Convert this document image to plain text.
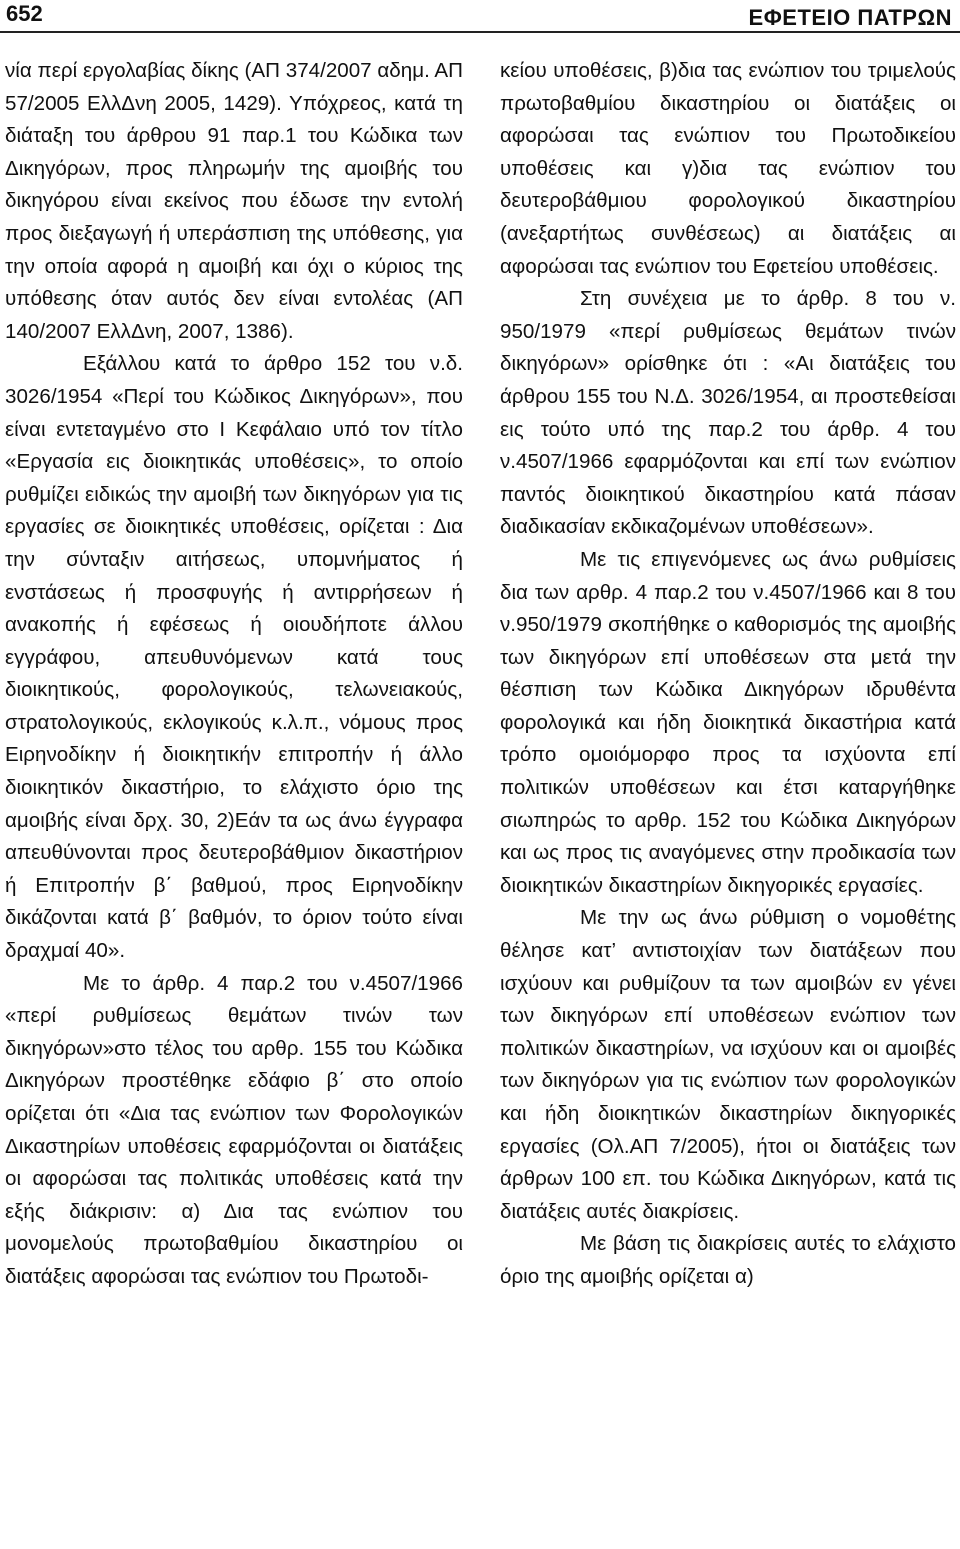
652	ΕΦΕΤΕΙΟ ΠΑΤΡΩΝ

νία περί εργολαβίας δίκης (ΑΠ 374/2007 αδημ. ΑΠ 57/2005 ΕλλΔνη 2005, 1429). Υπόχρεος, κατά τη διάταξη του άρθρου 91 παρ.1 του Κώδικα των Δικηγόρων, προς πληρωμήν της αμοιβής του δικηγόρου είναι εκείνος που έδωσε την εντολή προς διεξαγωγή ή υπεράσπιση της υπόθεσης, για την οποία αφορά η αμοιβή και όχι ο κύριος της υπόθεσης όταν αυτός δεν είναι εντολέας (ΑΠ 140/2007 ΕλλΔνη, 2007, 1386).

Εξάλλου κατά το άρθρο 152 του ν.δ. 3026/1954 «Περί του Κώδικος Δικηγόρων», που είναι εντεταγμένο στο Ι Κεφάλαιο υπό τον τίτλο «Εργασία εις διοικητικάς υποθέσεις», το οποίο ρυθμίζει ειδικώς την αμοιβή των δικηγόρων για τις εργασίες σε διοικητικές υποθέσεις, ορίζεται : Δια την σύνταξιν αιτήσεως, υπομνήματος ή ενστάσεως ή προσφυγής ή αντιρρήσεων ή ανακοπής ή εφέσεως ή οιουδήποτε άλλου εγγράφου, απευθυνόμενων κατά τους διοικητικούς, φορολογικούς, τελωνειακούς, στρατολογικούς, εκλογικούς κ.λ.π., νόμους προς Ειρηνοδίκην ή διοικητικήν επιτροπήν ή άλλο διοικητικόν δικαστήριο, το ελάχιστο όριο της αμοιβής είναι δρχ. 30, 2)Εάν τα ως άνω έγγραφα απευθύνονται προς δευτεροβάθμιον δικαστήριον ή Επιτροπήν β΄ βαθμού, προς Ειρηνοδίκην δικάζονται κατά β΄ βαθμόν, το όριον τούτο είναι δραχμαί 40».

Με το άρθρ. 4 παρ.2 του ν.4507/1966 «περί ρυθμίσεως θεμάτων τινών των δικηγόρων»στο τέλος του αρθρ. 155 του Κώδικα Δικηγόρων προστέθηκε εδάφιο β΄ στο οποίο ορίζεται ότι «Δια τας ενώπιον των Φορολογικών Δικαστηρίων υποθέσεις εφαρμόζονται οι διατάξεις οι αφορώσαι τας πολιτικάς υποθέσεις κατά την εξής διάκρισιν: α) Δια τας ενώπιον του μονομελούς πρωτοβαθμίου δικαστηρίου οι διατάξεις αφορώσαι τας ενώπιον του Πρωτοδι-

κείου υποθέσεις, β)δια τας ενώπιον του τριμελούς πρωτοβαθμίου δικαστηρίου οι διατάξεις οι αφορώσαι τας ενώπιον του Πρωτοδικείου υποθέσεις και γ)δια τας ενώπιον του δευτεροβάθμιου φορολογικού δικαστηρίου (ανεξαρτήτως συνθέσεως) αι διατάξεις αι αφορώσαι τας ενώπιον του Εφετείου υποθέσεις.

Στη συνέχεια με το άρθρ. 8 του ν. 950/1979 «περί ρυθμίσεως θεμάτων τινών δικηγόρων» ορίσθηκε ότι : «Αι διατάξεις του άρθρου 155 του Ν.Δ. 3026/1954, αι προστεθείσαι εις τούτο υπό της παρ.2 του άρθρ. 4 του ν.4507/1966 εφαρμόζονται και επί των ενώπιον παντός διοικητικού δικαστηρίου κατά πάσαν διαδικασίαν εκδικαζομένων υποθέσεων».

Με τις επιγενόμενες ως άνω ρυθμίσεις δια των αρθρ. 4 παρ.2 του ν.4507/1966 και 8 του ν.950/1979 σκοπήθηκε ο καθορισμός της αμοιβής των δικηγόρων επί υποθέσεων στα μετά την θέσπιση των Κώδικα Δικηγόρων ιδρυθέντα φορολογικά και ήδη διοικητικά δικαστήρια κατά τρόπο ομοιόμορφο προς τα ισχύοντα επί πολιτικών υποθέσεων και έτσι καταργήθηκε σιωπηρώς το αρθρ. 152 του Κώδικα Δικηγόρων και ως προς τις αναγόμενες στην προδικασία των διοικητικών δικαστηρίων δικηγορικές εργασίες.

Με την ως άνω ρύθμιση ο νομοθέτης θέλησε κατ’ αντιστοιχίαν των διατάξεων που ισχύουν και ρυθμίζουν τα των αμοιβών εν γένει των δικηγόρων επί υποθέσεων ενώπιον των πολιτικών δικαστηρίων, να ισχύουν και οι αμοιβές των δικηγόρων για τις ενώπιον των φορολογικών και ήδη διοικητικών δικαστηρίων δικηγορικές εργασίες (Ολ.ΑΠ 7/2005), ήτοι οι διατάξεις των άρθρων 100 επ. του Κώδικα Δικηγόρων, κατά τις διατάξεις αυτές διακρίσεις.

Με βάση τις διακρίσεις αυτές το ελάχιστο όριο της αμοιβής ορίζεται α)
